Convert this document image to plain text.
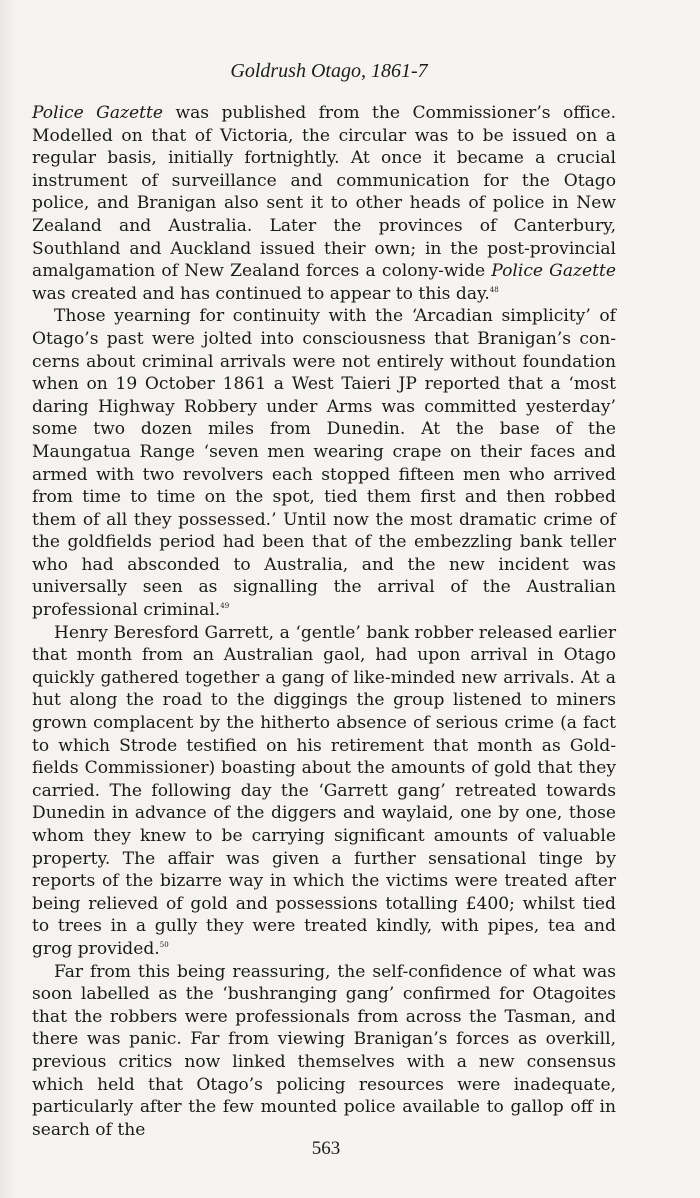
Goldrush Otago, 1861-7

Police Gazette was published from the Commissioner’s office. Modelled on that of Victoria, the circular was to be issued on a regular basis, initially fortnightly. At once it became a crucial instrument of surveillance and communication for the Otago police, and Branigan also sent it to other heads of police in New Zealand and Australia. Later the provinces of Canterbury, Southland and Auckland issued their own; in the post-provincial amalgamation of New Zealand forces a colony-wide Police Gazette was created and has continued to appear to this day.$^{48}$

Those yearning for continuity with the ‘Arcadian simplicity’ of Otago’s past were jolted into consciousness that Branigan’s concerns about criminal arrivals were not entirely without foundation when on 19 October 1861 a West Taieri JP reported that a ‘most daring Highway Robbery under Arms was committed yesterday’ some two dozen miles from Dunedin. At the base of the Maungatua Range ‘seven men wearing crape on their faces and armed with two revolvers each stopped fifteen men who arrived from time to time on the spot, tied them first and then robbed them of all they possessed.’ Until now the most dramatic crime of the goldfields period had been that of the embezzling bank teller who had absconded to Australia, and the new incident was universally seen as signalling the arrival of the Australian professional criminal.$^{49}$

Henry Beresford Garrett, a ‘gentle’ bank robber released earlier that month from an Australian gaol, had upon arrival in Otago quickly gathered together a gang of like-minded new arrivals. At a hut along the road to the diggings the group listened to miners grown complacent by the hitherto absence of serious crime (a fact to which Strode testified on his retirement that month as Goldfields Commissioner) boasting about the amounts of gold that they carried. The following day the ‘Garrett gang’ retreated towards Dunedin in advance of the diggers and waylaid, one by one, those whom they knew to be carrying significant amounts of valuable property. The affair was given a further sensational tinge by reports of the bizarre way in which the victims were treated after being relieved of gold and possessions totalling £400; whilst tied to trees in a gully they were treated kindly, with pipes, tea and grog provided.$^{50}$

Far from this being reassuring, the self-confidence of what was soon labelled as the ‘bushranging gang’ confirmed for Otagoites that the robbers were professionals from across the Tasman, and there was panic. Far from viewing Branigan’s forces as overkill, previous critics now linked themselves with a new consensus which held that Otago’s policing resources were inadequate, particularly after the few mounted police available to gallop off in search of the

563
